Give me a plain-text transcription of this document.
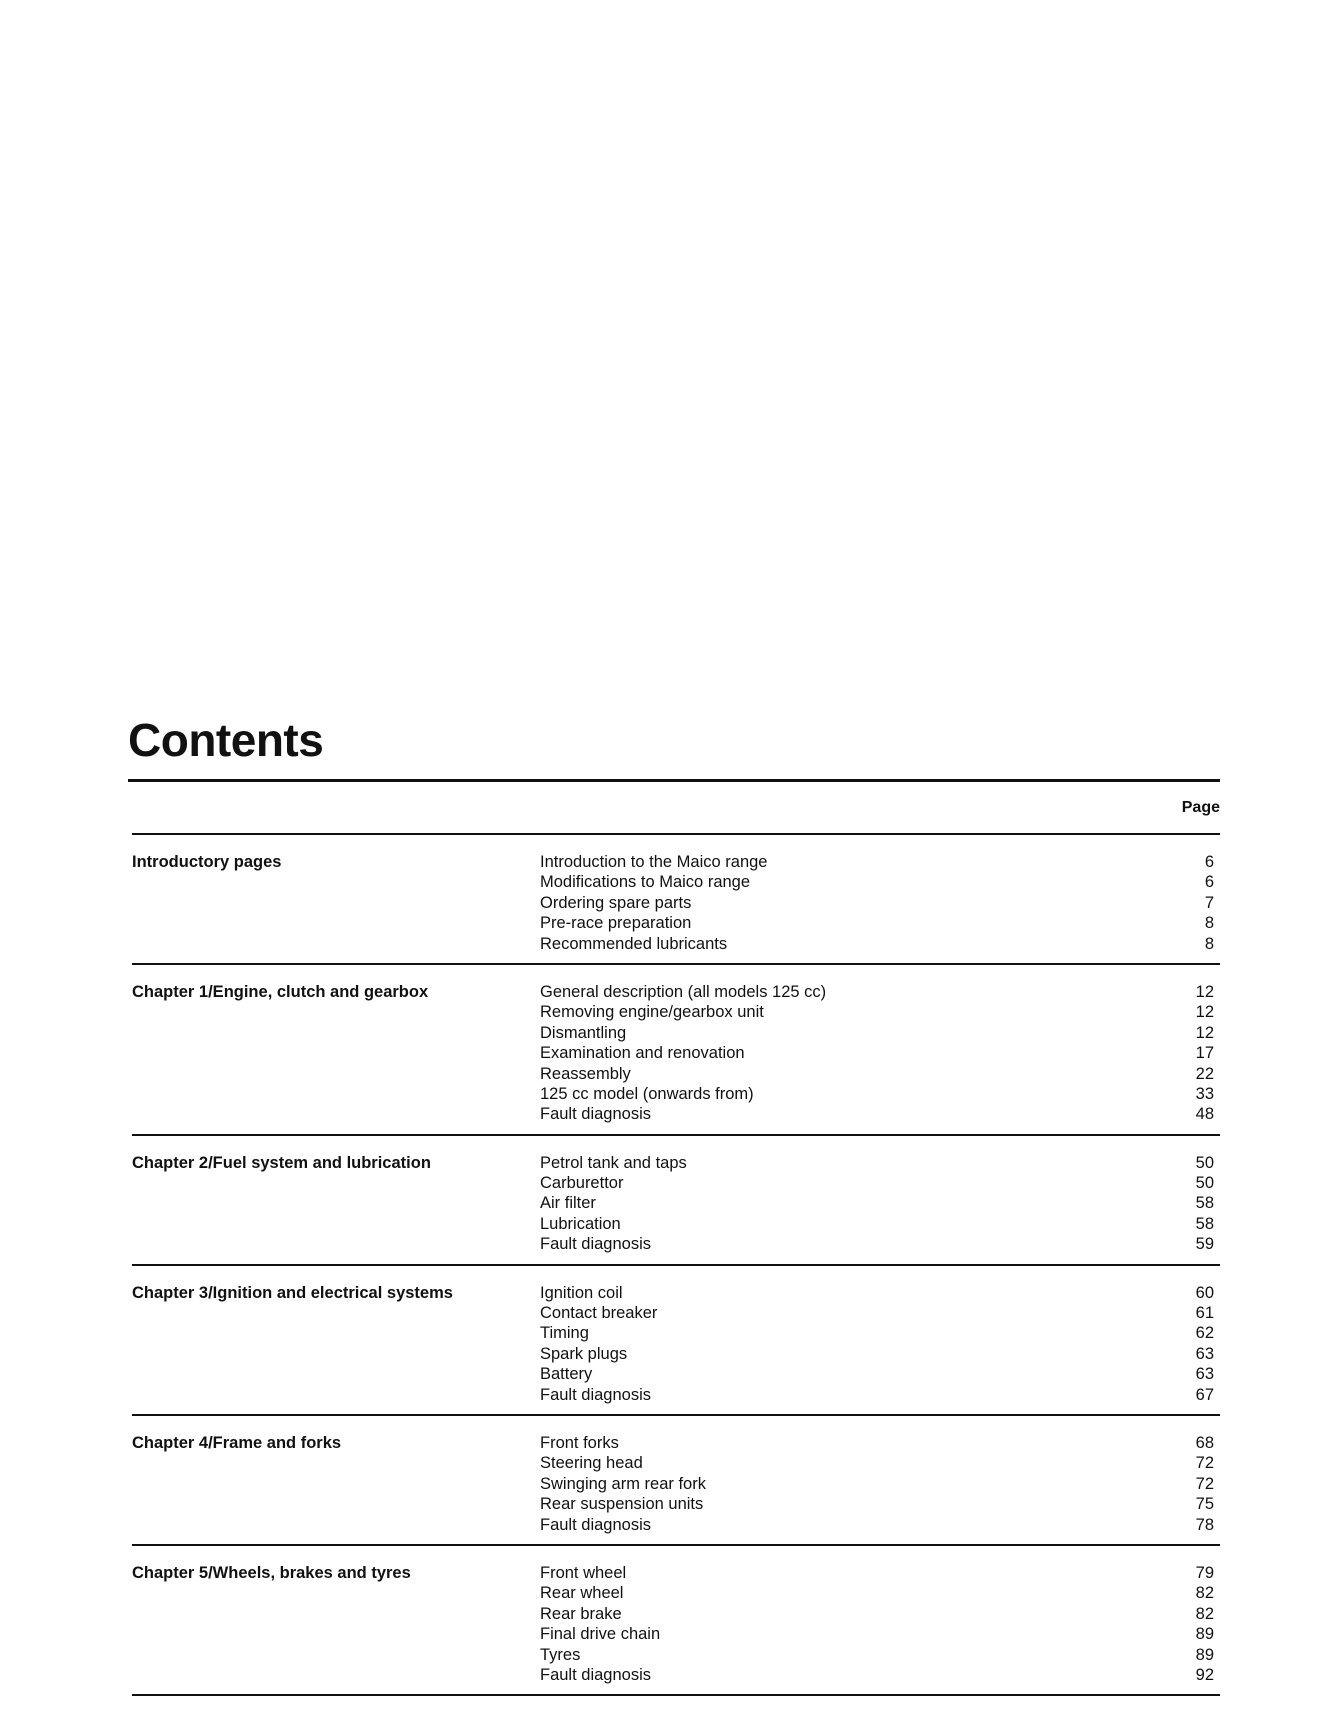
Contents
Page
Introductory pages	Introduction to the Maico range	6
Modifications to Maico range	6
Ordering spare parts	7
Pre-race preparation	8
Recommended lubricants	8
Chapter 1/Engine, clutch and gearbox	General description (all models 125 cc)	12
Removing engine/gearbox unit	12
Dismantling	12
Examination and renovation	17
Reassembly	22
125 cc model (onwards from)	33
Fault diagnosis	48
Chapter 2/Fuel system and lubrication	Petrol tank and taps	50
Carburettor	50
Air filter	58
Lubrication	58
Fault diagnosis	59
Chapter 3/Ignition and electrical systems	Ignition coil	60
Contact breaker	61
Timing	62
Spark plugs	63
Battery	63
Fault diagnosis	67
Chapter 4/Frame and forks	Front forks	68
Steering head	72
Swinging arm rear fork	72
Rear suspension units	75
Fault diagnosis	78
Chapter 5/Wheels, brakes and tyres	Front wheel	79
Rear wheel	82
Rear brake	82
Final drive chain	89
Tyres	89
Fault diagnosis	92
